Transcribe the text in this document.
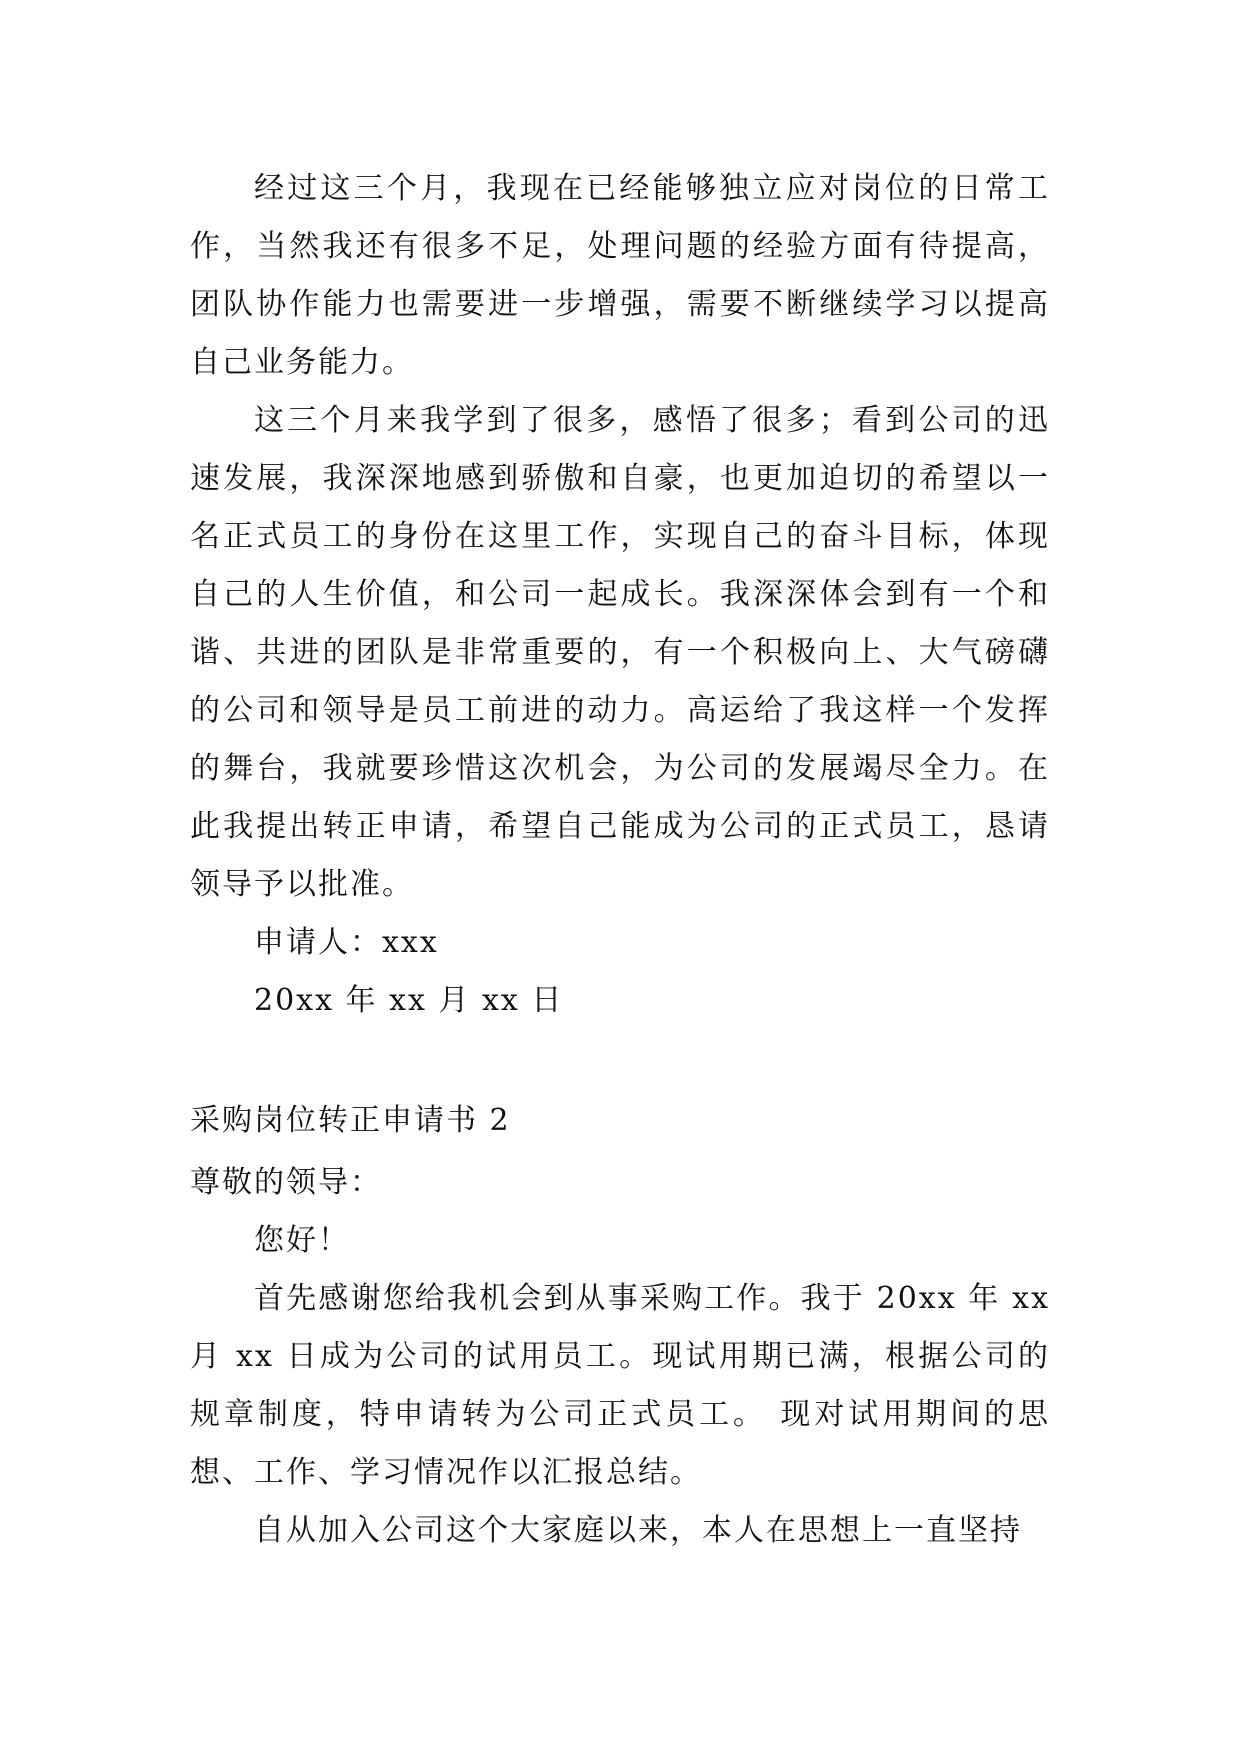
经过这三个月，我现在已经能够独立应对岗位的日常工作，当然我还有很多不足，处理问题的经验方面有待提高，团队协作能力也需要进一步增强，需要不断继续学习以提高自己业务能力。

这三个月来我学到了很多，感悟了很多；看到公司的迅速发展，我深深地感到骄傲和自豪，也更加迫切的希望以一名正式员工的身份在这里工作，实现自己的奋斗目标，体现自己的人生价值，和公司一起成长。我深深体会到有一个和谐、共进的团队是非常重要的，有一个积极向上、大气磅礴的公司和领导是员工前进的动力。高运给了我这样一个发挥的舞台，我就要珍惜这次机会，为公司的发展竭尽全力。在此我提出转正申请，希望自己能成为公司的正式员工，恳请领导予以批准。

申请人：xxx

20xx 年 xx 月 xx 日

采购岗位转正申请书 2

尊敬的领导：

您好！

首先感谢您给我机会到从事采购工作。我于 20xx 年 xx 月 xx 日成为公司的试用员工。现试用期已满，根据公司的规章制度，特申请转为公司正式员工。 现对试用期间的思想、工作、学习情况作以汇报总结。

自从加入公司这个大家庭以来，本人在思想上一直坚持
